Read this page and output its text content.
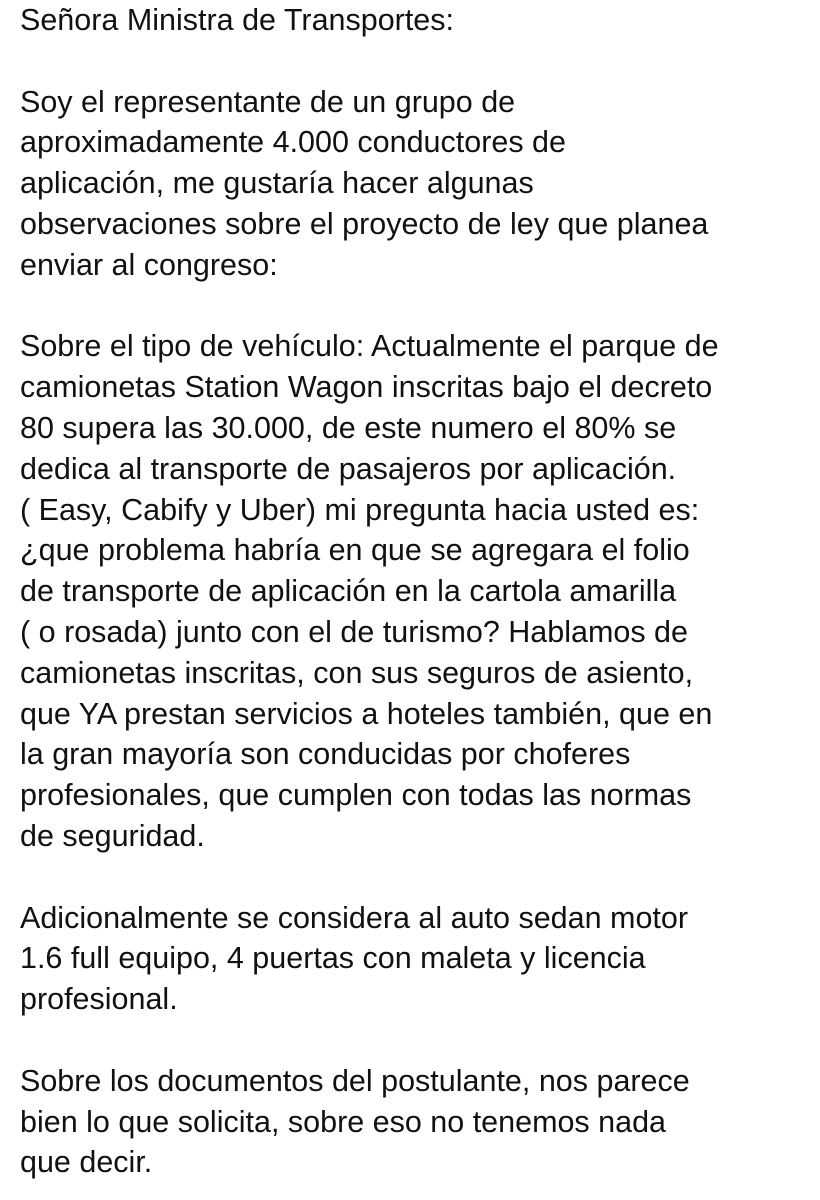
Señora Ministra de Transportes:
Soy el representante de un grupo de
aproximadamente 4.000 conductores de
aplicación, me gustaría hacer algunas
observaciones sobre el proyecto de ley que planea
enviar al congreso:
Sobre el tipo de vehículo: Actualmente el parque de
camionetas Station Wagon inscritas bajo el decreto
80 supera las 30.000, de este numero el 80% se
dedica al transporte de pasajeros por aplicación.
( Easy, Cabify y Uber) mi pregunta hacia usted es:
¿que problema habría en que se agregara el folio
de transporte de aplicación en la cartola amarilla
( o rosada) junto con el de turismo? Hablamos de
camionetas inscritas, con sus seguros de asiento,
que YA prestan servicios a hoteles también, que en
la gran mayoría son conducidas por choferes
profesionales, que cumplen con todas las normas
de seguridad.
Adicionalmente se considera al auto sedan motor
1.6 full equipo, 4 puertas con maleta y licencia
profesional.
Sobre los documentos del postulante, nos parece
bien lo que solicita, sobre eso no tenemos nada
que decir.
